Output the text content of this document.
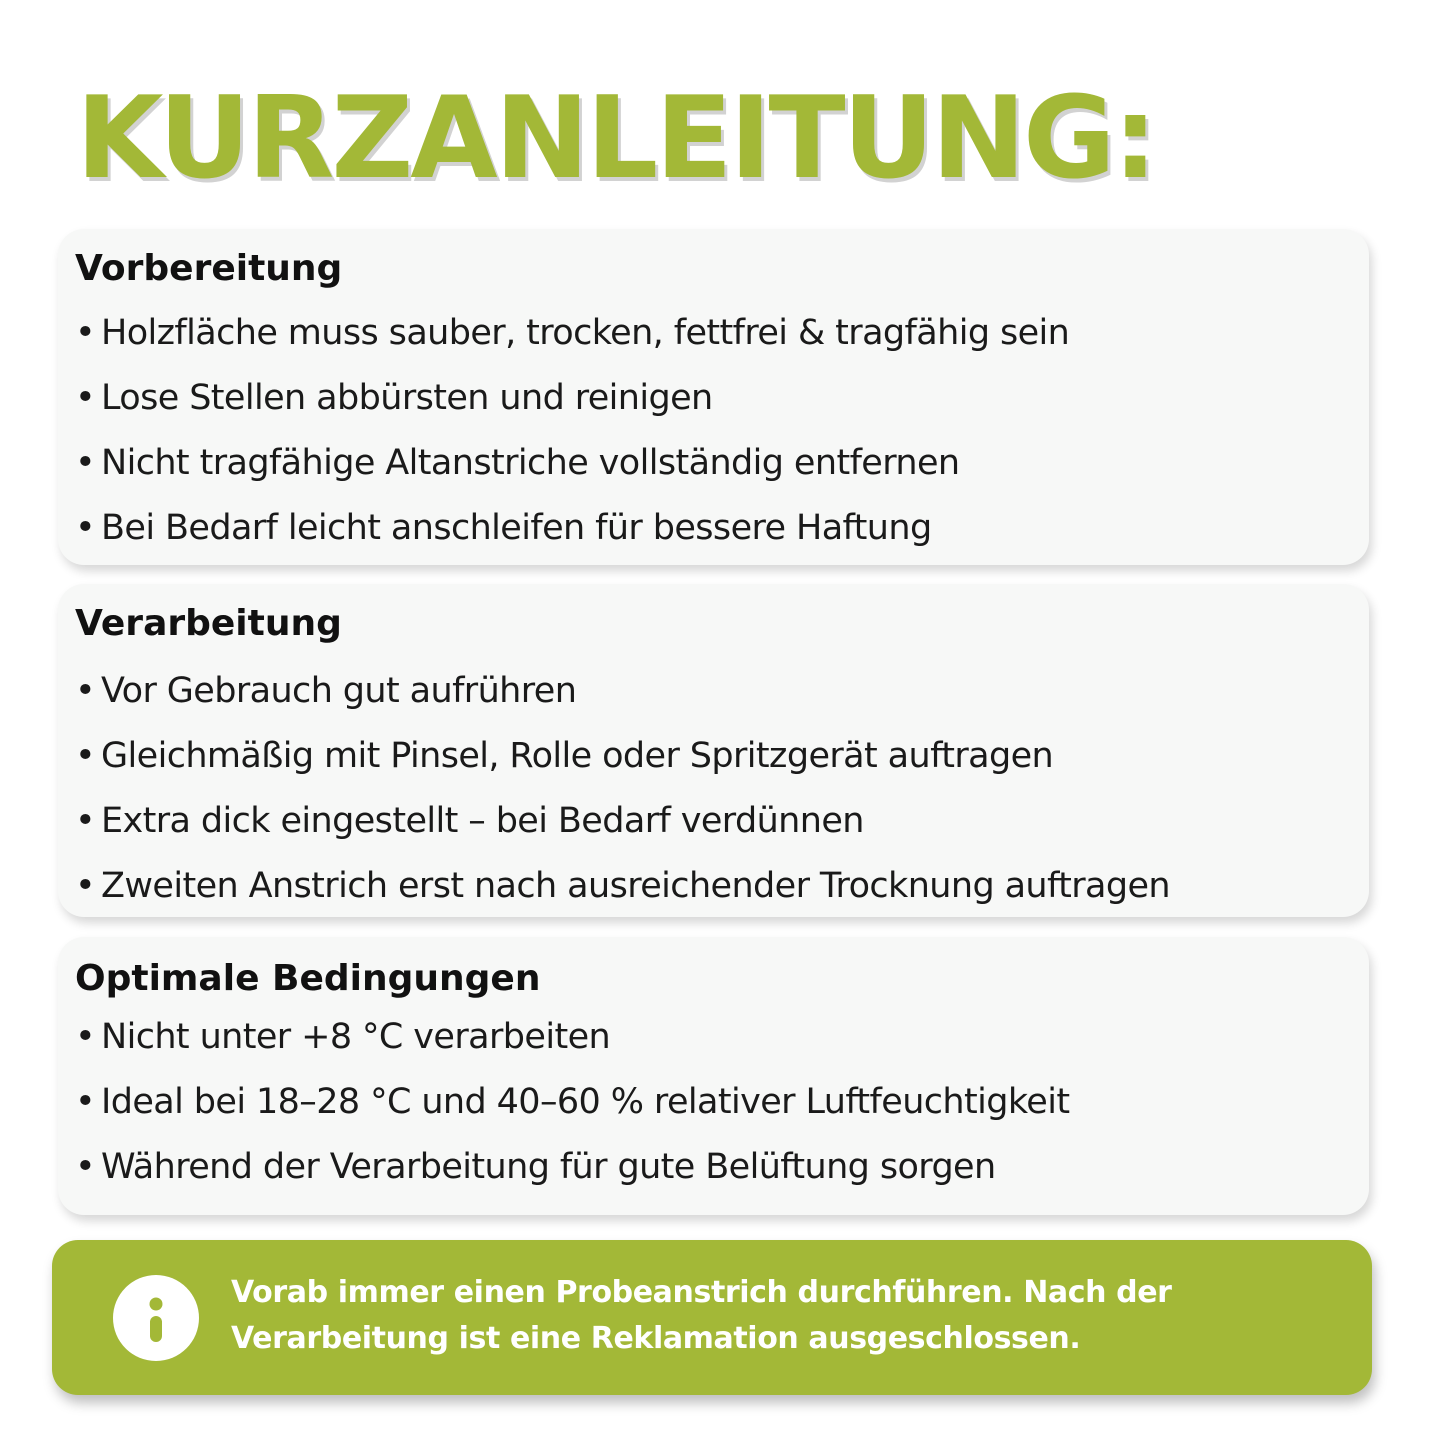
KURZANLEITUNG:
Vorbereitung
• Holzfläche muss sauber, trocken, fettfrei & tragfähig sein
• Lose Stellen abbürsten und reinigen
• Nicht tragfähige Altanstriche vollständig entfernen
• Bei Bedarf leicht anschleifen für bessere Haftung
Verarbeitung
• Vor Gebrauch gut aufrühren
• Gleichmäßig mit Pinsel, Rolle oder Spritzgerät auftragen
• Extra dick eingestellt – bei Bedarf verdünnen
• Zweiten Anstrich erst nach ausreichender Trocknung auftragen
Optimale Bedingungen
• Nicht unter +8 °C verarbeiten
• Ideal bei 18–28 °C und 40–60 % relativer Luftfeuchtigkeit
• Während der Verarbeitung für gute Belüftung sorgen

Vorab immer einen Probeanstrich durchführen. Nach der Verarbeitung ist eine Reklamation ausgeschlossen.
